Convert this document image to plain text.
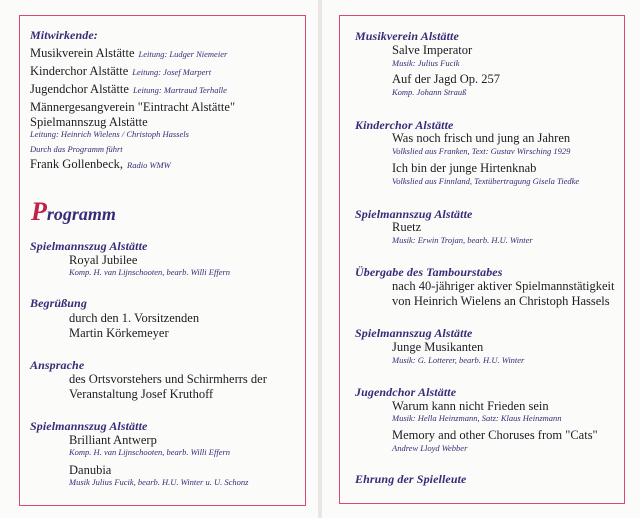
Mitwirkende:
Musikverein Alstätte Leitung: Ludger Niemeier
Kinderchor Alstätte Leitung: Josef Marpert
Jugendchor Alstätte Leitung: Martraud Terhalle
Männergesangverein "Eintracht Alstätte"
Spielmannszug Alstätte
Leitung: Heinrich Wielens / Christoph Hassels
Durch das Programm führt
Frank Gollenbeck, Radio WMW
Programm
Spielmannszug Alstätte
Royal Jubilee
Komp. H. van Lijnschooten, bearb. Willi Effern
Begrüßung
durch den 1. Vorsitzenden
Martin Körkemeyer
Ansprache
des Ortsvorstehers und Schirmherrs der
Veranstaltung Josef Kruthoff
Spielmannszug Alstätte
Brilliant Antwerp
Komp. H. van Lijnschooten, bearb. Willi Effern
Danubia
Musik Julius Fucik, bearb. H.U. Winter u. U. Schonz
Musikverein Alstätte
Salve Imperator
Musik: Julius Fucik
Auf der Jagd Op. 257
Komp. Johann Strauß
Kinderchor Alstätte
Was noch frisch und jung an Jahren
Volkslied aus Franken, Text: Gustav Wirsching 1929
Ich bin der junge Hirtenknab
Volkslied aus Finnland, Textübertragung Gisela Tiedke
Spielmannszug Alstätte
Ruetz
Musik: Erwin Trojan, bearb. H.U. Winter
Übergabe des Tambourstabes
nach 40-jähriger aktiver Spielmannstätigkeit
von Heinrich Wielens an Christoph Hassels
Spielmannszug Alstätte
Junge Musikanten
Musik: G. Lotterer, bearb. H.U. Winter
Jugendchor Alstätte
Warum kann nicht Frieden sein
Musik: Hella Heinzmann, Satz: Klaus Heinzmann
Memory and other Choruses from "Cats"
Andrew Lloyd Webber
Ehrung der Spielleute
